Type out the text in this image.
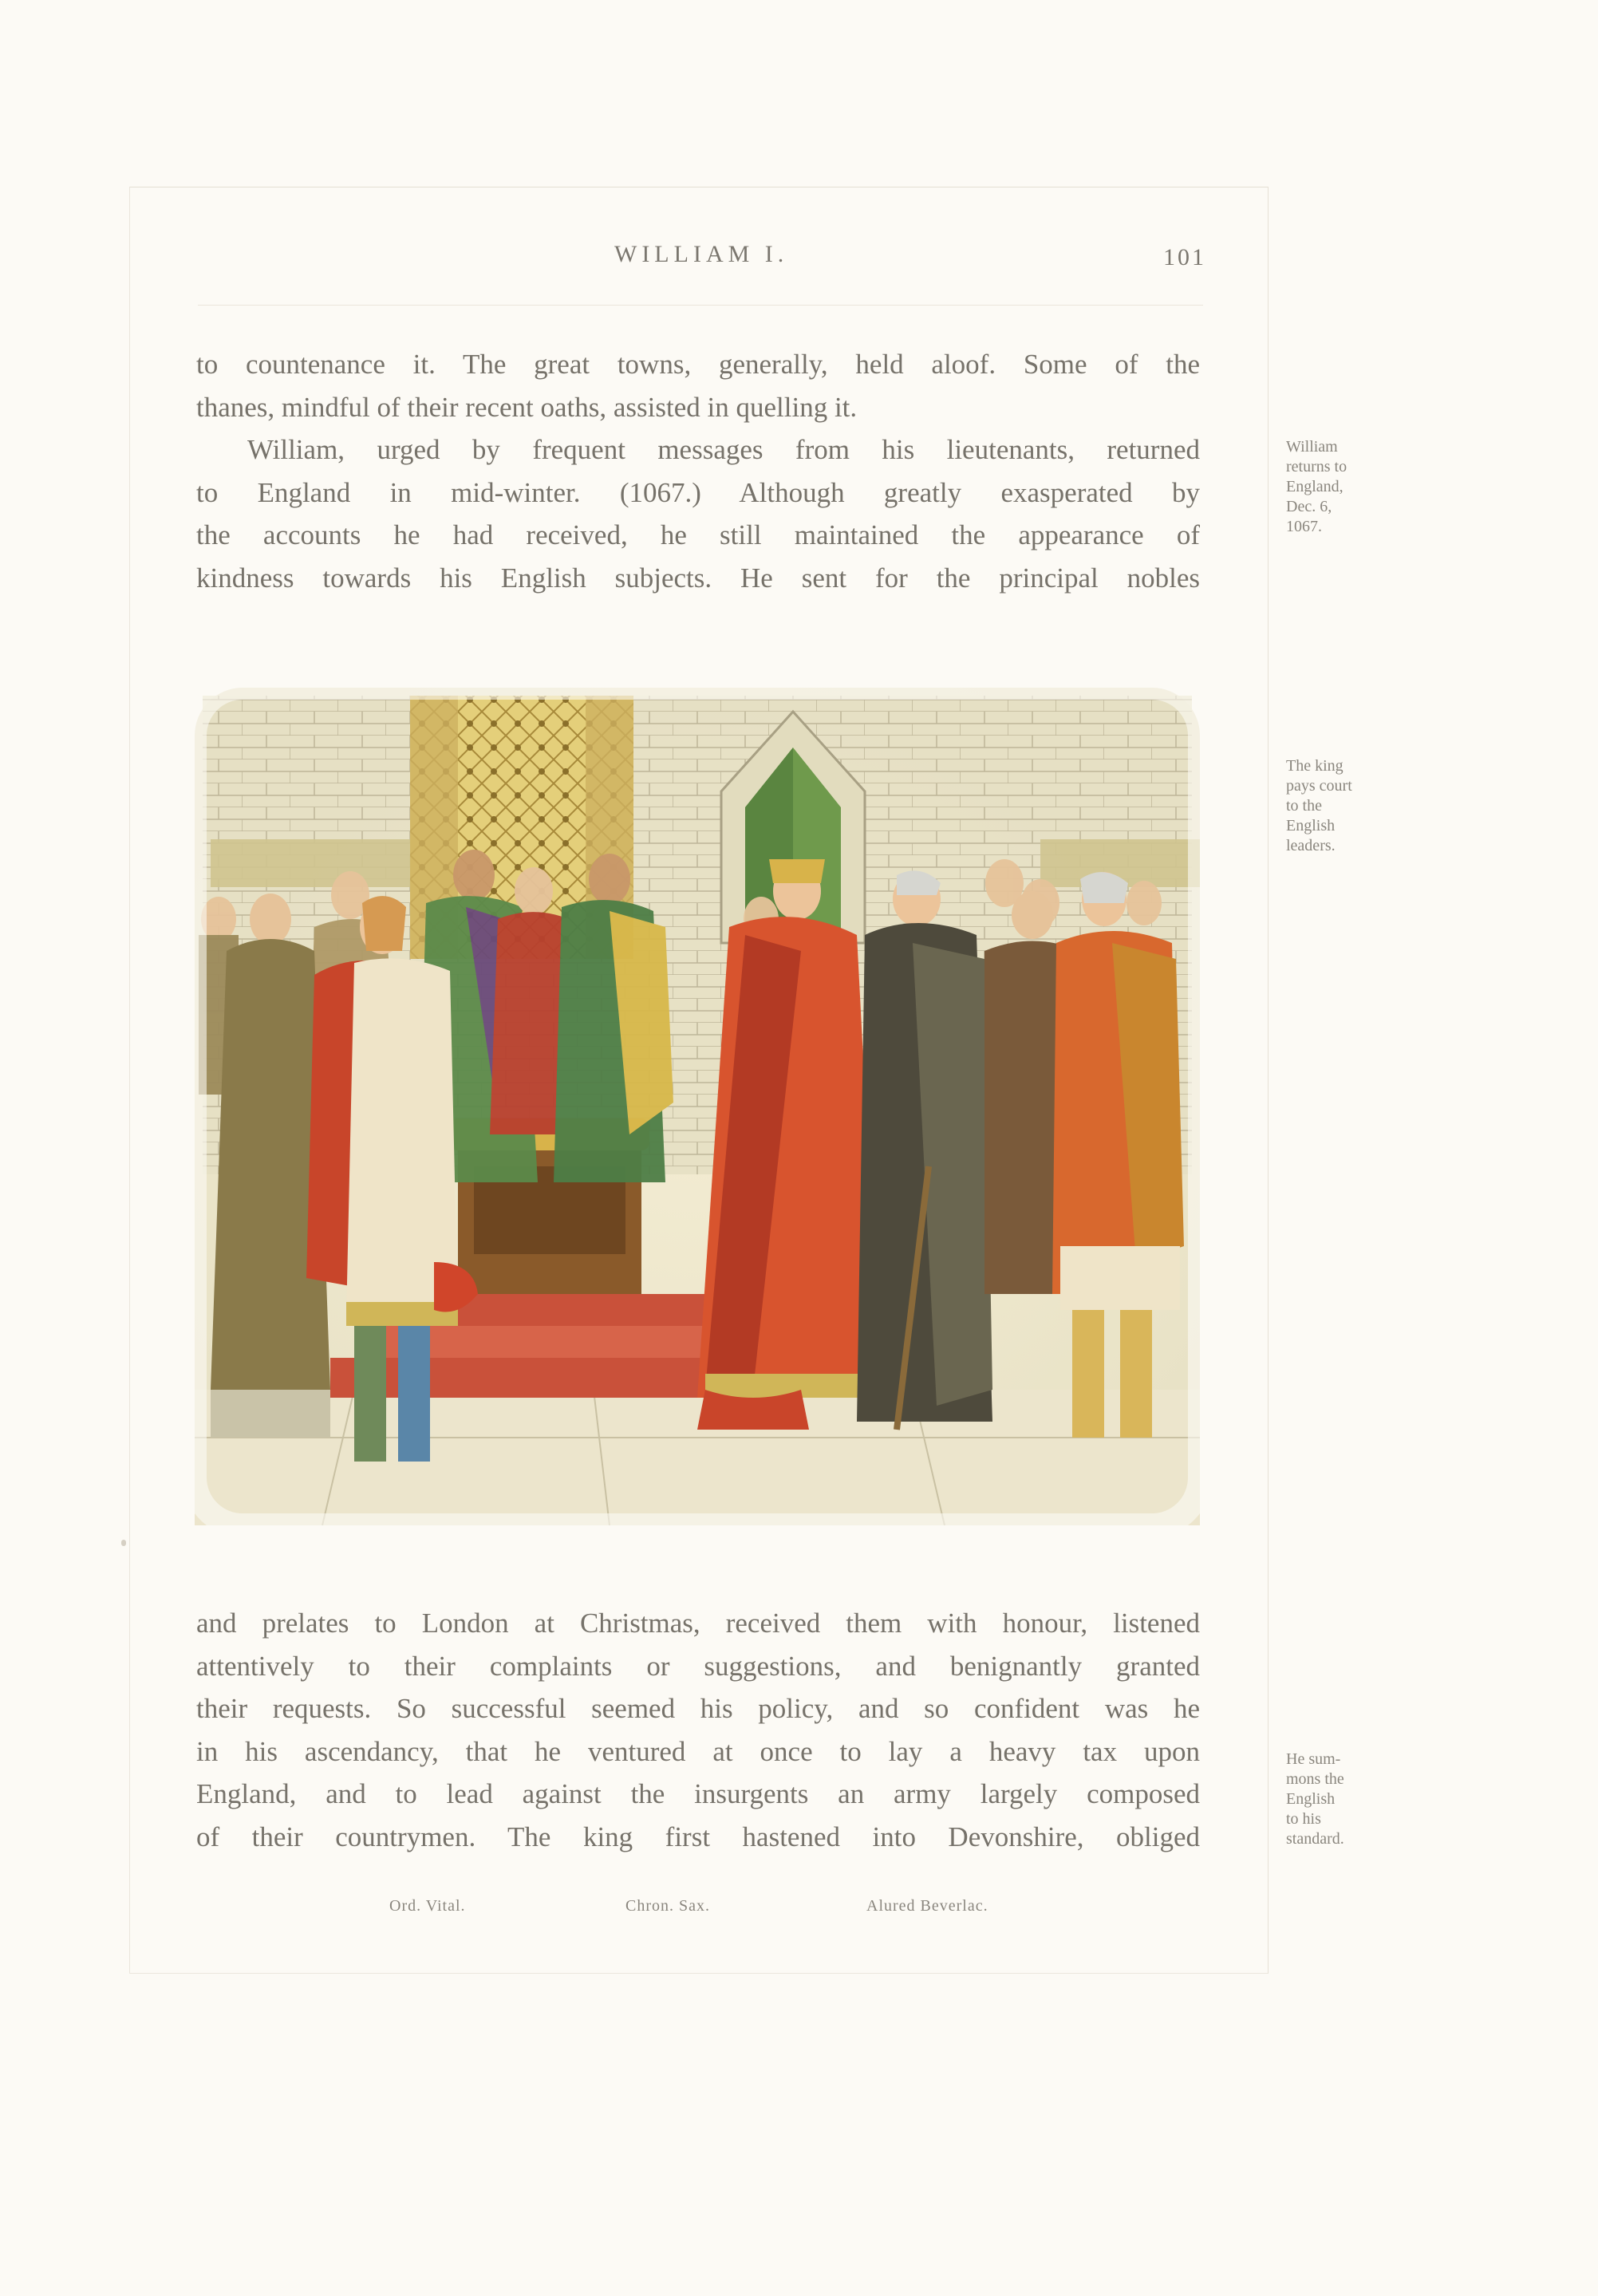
WILLIAM I.	101
to countenance it. The great towns, generally, held aloof. Some of the
thanes, mindful of their recent oaths, assisted in quelling it.
William, urged by frequent messages from his lieutenants, returned
to England in mid-winter. (1067.) Although greatly exasperated by
the accounts he had received, he still maintained the appearance of
kindness towards his English subjects. He sent for the principal nobles
William
returns to
England,
Dec. 6,
1067.
The king
pays court
to the
English
leaders.
and prelates to London at Christmas, received them with honour, listened
attentively to their complaints or suggestions, and benignantly granted
their requests. So successful seemed his policy, and so confident was he
in his ascendancy, that he ventured at once to lay a heavy tax upon
England, and to lead against the insurgents an army largely composed
of their countrymen. The king first hastened into Devonshire, obliged
He sum-
mons the
English
to his
standard.
Ord. Vital.	Chron. Sax.	Alured Beverlac.
